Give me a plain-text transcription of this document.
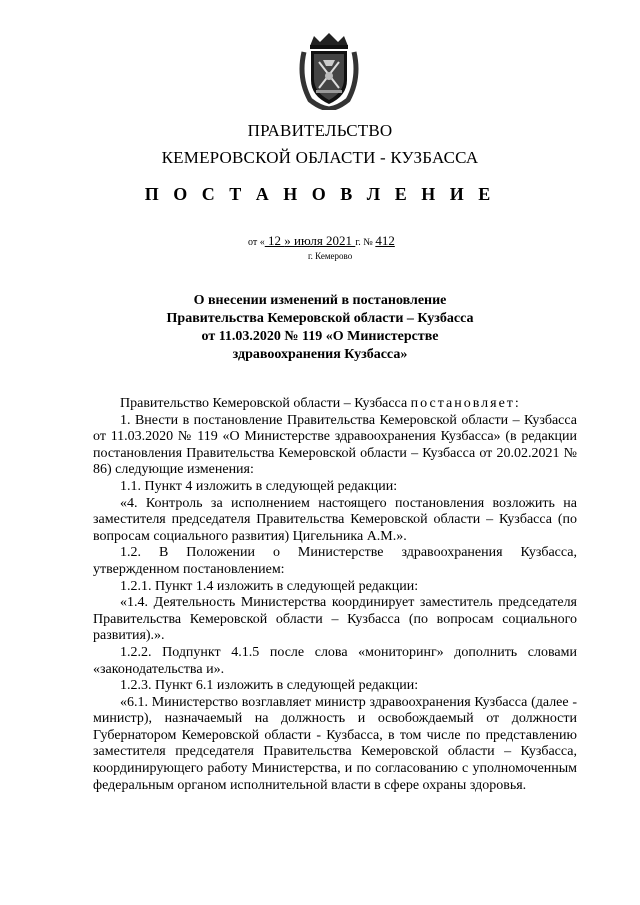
ПРАВИТЕЛЬСТВО
КЕМЕРОВСКОЙ ОБЛАСТИ - КУЗБАССА
П О С Т А Н О В Л Е Н И Е
от « 12 » июля 2021 г. № 412
г. Кемерово
О внесении изменений в постановление
Правительства Кемеровской области – Кузбасса
от 11.03.2020 № 119 «О Министерстве
здравоохранения Кузбасса»

Правительство Кемеровской области – Кузбасса постановляет:

1. Внести в постановление Правительства Кемеровской области – Кузбасса от 11.03.2020 № 119 «О Министерстве здравоохранения Кузбасса» (в редакции постановления Правительства Кемеровской области – Кузбасса от 20.02.2021 № 86) следующие изменения:

1.1. Пункт 4 изложить в следующей редакции:

«4. Контроль за исполнением настоящего постановления возложить на заместителя председателя Правительства Кемеровской области – Кузбасса (по вопросам социального развития) Цигельника А.М.».

1.2. В Положении о Министерстве здравоохранения Кузбасса, утвержденном постановлением:

1.2.1. Пункт 1.4 изложить в следующей редакции:

«1.4. Деятельность Министерства координирует заместитель председателя Правительства Кемеровской области – Кузбасса (по вопросам социального развития).».

1.2.2. Подпункт 4.1.5 после слова «мониторинг» дополнить словами «законодательства и».

1.2.3. Пункт 6.1 изложить в следующей редакции:

«6.1. Министерство возглавляет министр здравоохранения Кузбасса (далее - министр), назначаемый на должность и освобождаемый от должности Губернатором Кемеровской области - Кузбасса, в том числе по представлению заместителя председателя Правительства Кемеровской области – Кузбасса, координирующего работу Министерства, и по согласованию с уполномоченным федеральным органом исполнительной власти в сфере охраны здоровья.
